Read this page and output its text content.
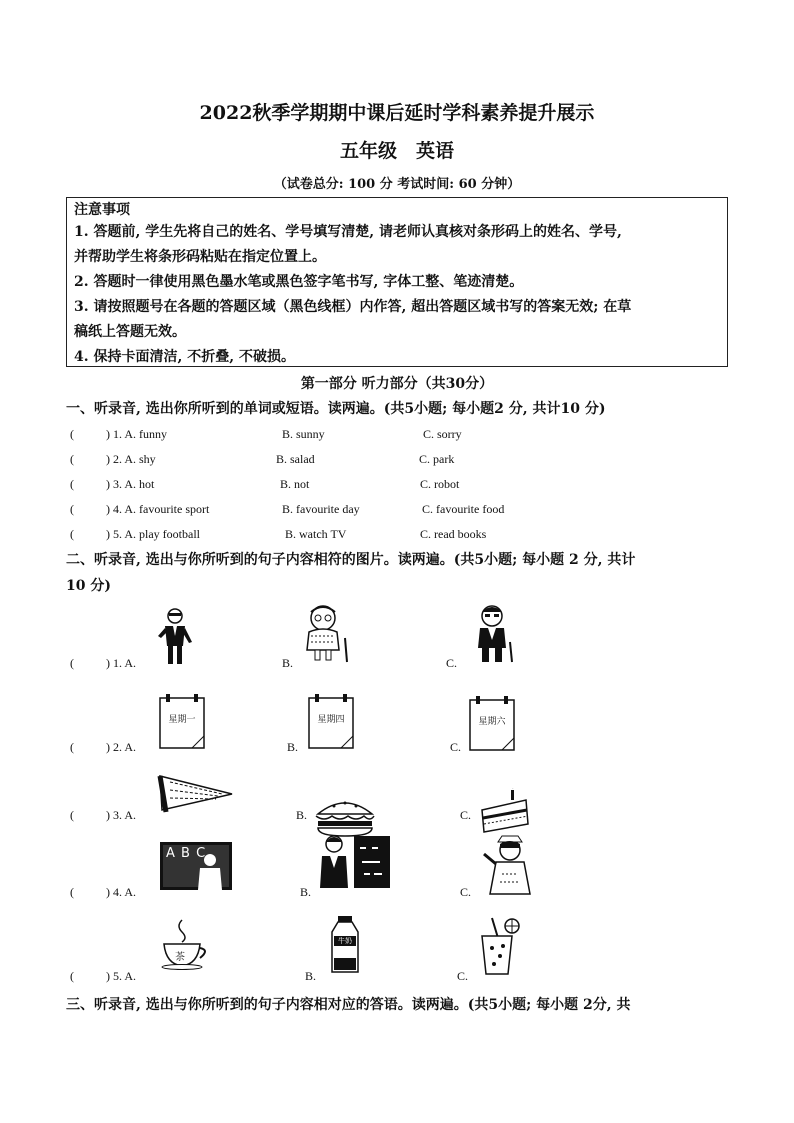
2022秋季学期期中课后延时学科素养提升展示
五年级　英语
（试卷总分: 100 分 考试时间: 60 分钟）
注意事项
1. 答题前, 学生先将自己的姓名、学号填写清楚, 请老师认真核对条形码上的姓名、学号,
并帮助学生将条形码粘贴在指定位置上。
2. 答题时一律使用黑色墨水笔或黑色签字笔书写, 字体工整、笔迹清楚。
3. 请按照题号在各题的答题区域（黑色线框）内作答, 超出答题区域书写的答案无效; 在草
稿纸上答题无效。
4. 保持卡面清洁, 不折叠, 不破损。
第一部分 听力部分（共30分）
一、听录音, 选出你所听到的单词或短语。读两遍。(共5小题; 每小题2 分, 共计10 分)
(	) 1. A. funny	B. sunny	C. sorry
(	) 2. A. shy	B. salad	C. park
(	) 3. A. hot	B. not	C. robot
(	) 4. A. favourite sport	B. favourite day	C. favourite food
(	) 5. A. play football	B. watch TV	C. read books
二、听录音, 选出与你所听到的句子内容相符的图片。读两遍。(共5小题; 每小题 2 分, 共计
10 分)
(	) 1. A.	B.	C.
(	) 2. A.	B.	C.
星期一	星期四	星期六
(	) 3. A.	B.	C.
(	) 4. A.	B.	C.
A B C
(	) 5. A.	B.	C.
茶
牛奶
三、听录音, 选出与你所听到的句子内容相对应的答语。读两遍。(共5小题; 每小题 2分, 共
